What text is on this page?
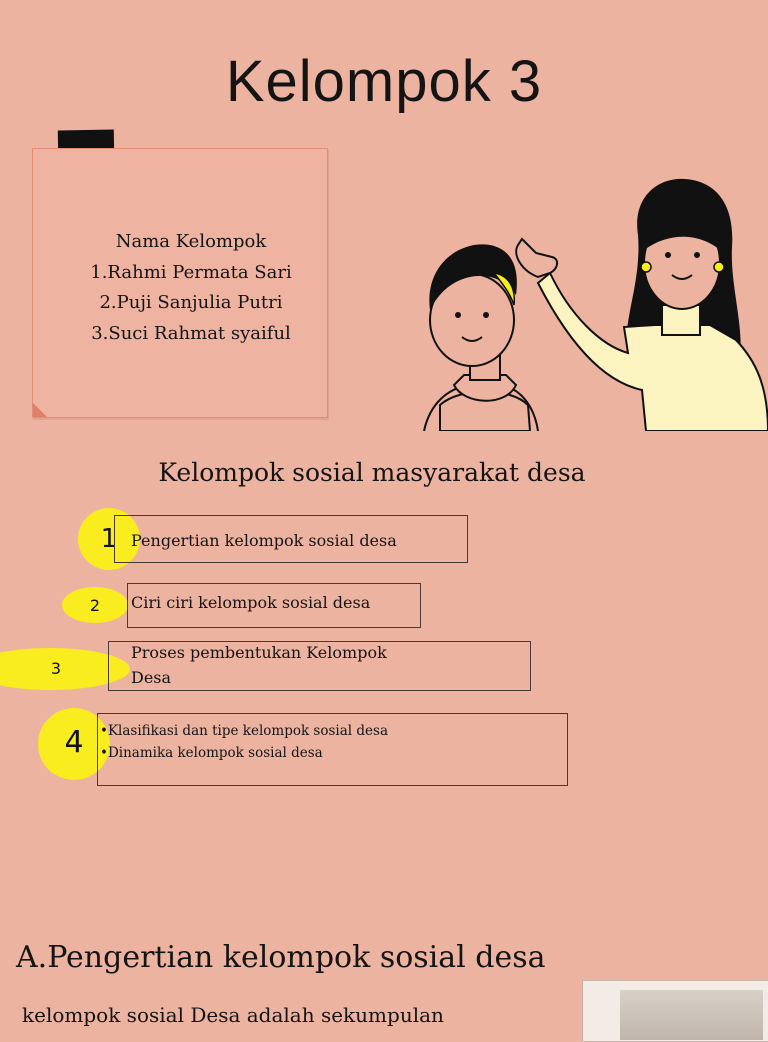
Kelompok 3
Nama Kelompok
1.Rahmi Permata Sari
2.Puji Sanjulia Putri
3.Suci Rahmat syaiful
Kelompok sosial masyarakat desa
1 Pengertian kelompok sosial desa
2	Ciri ciri kelompok sosial desa
3
Proses pembentukan Kelompok Desa
4	•Klasifikasi dan tipe kelompok sosial desa
•Dinamika kelompok sosial desa
A.Pengertian kelompok sosial desa
kelompok sosial Desa adalah sekumpulan
